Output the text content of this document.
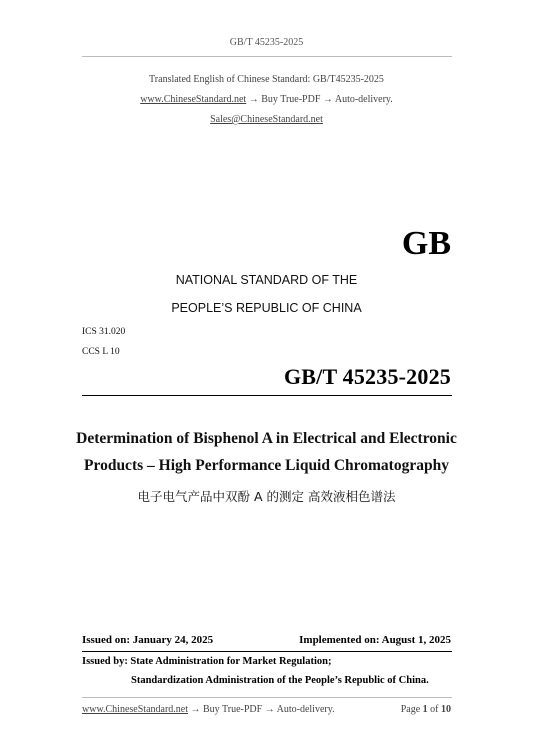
GB/T 45235-2025
Translated English of Chinese Standard: GB/T45235-2025
www.ChineseStandard.net → Buy True-PDF → Auto-delivery.
Sales@ChineseStandard.net
GB
NATIONAL STANDARD OF THE
PEOPLE’S REPUBLIC OF CHINA
ICS 31.020
CCS L 10
GB/T 45235-2025
Determination of Bisphenol A in Electrical and Electronic
Products – High Performance Liquid Chromatography
电子电气产品中双酚 A 的测定 高效液相色谱法
Issued on: January 24, 2025	Implemented on: August 1, 2025
Issued by: State Administration for Market Regulation;
Standardization Administration of the People’s Republic of China.
www.ChineseStandard.net → Buy True-PDF → Auto-delivery.	Page 1 of 10
